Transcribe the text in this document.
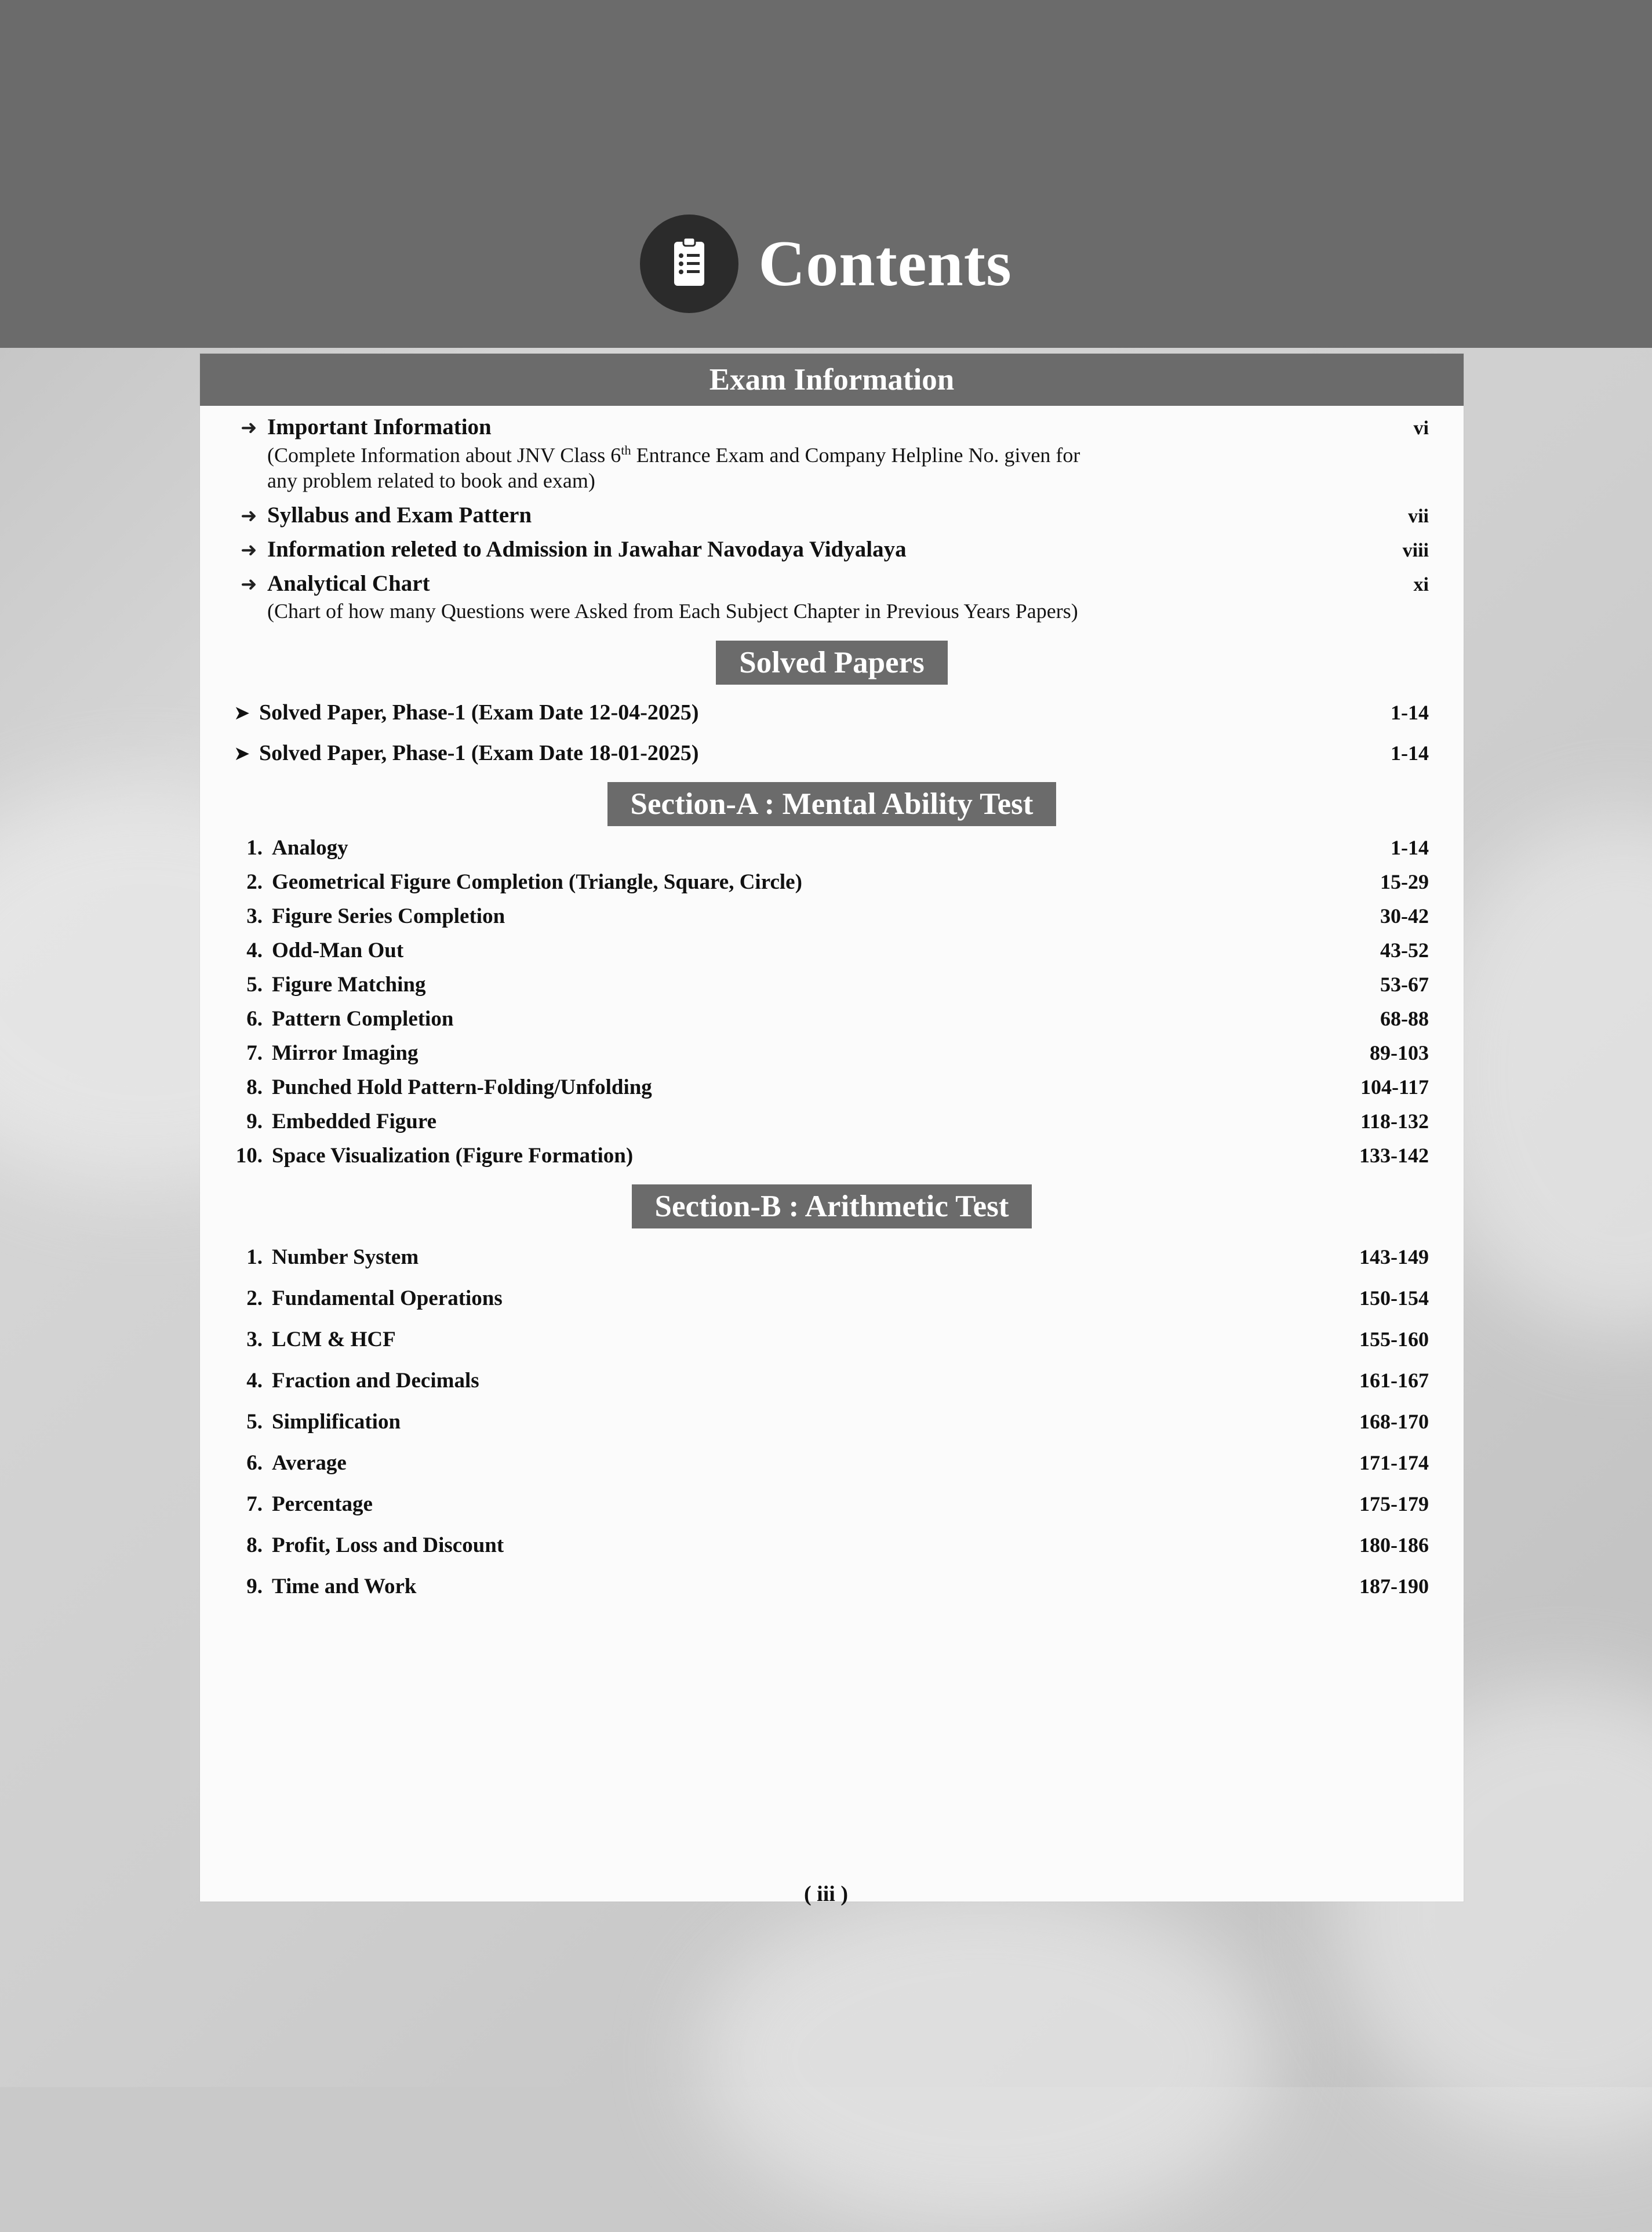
Contents
Exam Information
➜ Important Information	vi
(Complete Information about JNV Class 6th Entrance Exam and Company Helpline No. given for
any problem related to book and exam)
➜ Syllabus and Exam Pattern	vii
➜ Information releted to Admission in Jawahar Navodaya Vidyalaya	viii
➜ Analytical Chart	xi
(Chart of how many Questions were Asked from Each Subject Chapter in Previous Years Papers)
Solved Papers
➤ Solved Paper, Phase-1 (Exam Date 12-04-2025)	1-14
➤ Solved Paper, Phase-1 (Exam Date 18-01-2025)	1-14
Section-A : Mental Ability Test
1. Analogy	1-14
2. Geometrical Figure Completion (Triangle, Square, Circle)	15-29
3. Figure Series Completion	30-42
4. Odd-Man Out	43-52
5. Figure Matching	53-67
6. Pattern Completion	68-88
7. Mirror Imaging	89-103
8. Punched Hold Pattern-Folding/Unfolding	104-117
9. Embedded Figure	118-132
10. Space Visualization (Figure Formation)	133-142
Section-B : Arithmetic Test
1. Number System	143-149
2. Fundamental Operations	150-154
3. LCM & HCF	155-160
4. Fraction and Decimals	161-167
5. Simplification	168-170
6. Average	171-174
7. Percentage	175-179
8. Profit, Loss and Discount	180-186
9. Time and Work	187-190
( iii )
